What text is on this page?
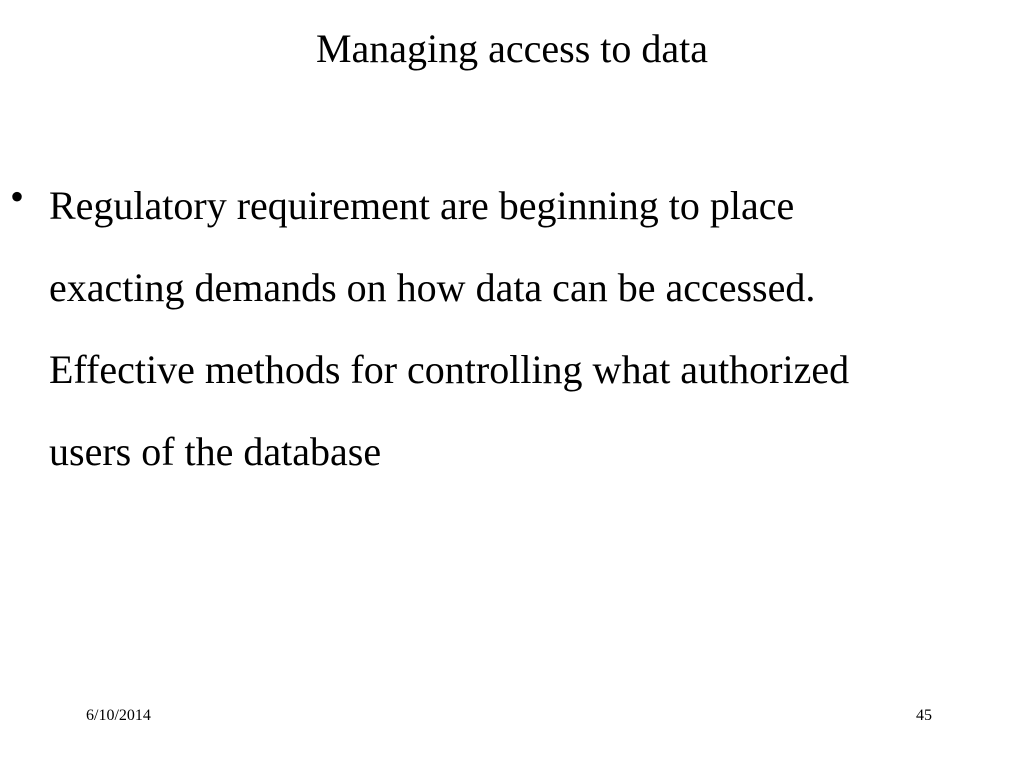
Managing access to data
• Regulatory requirement are beginning to place
exacting demands on how data can be accessed.
Effective methods for controlling what authorized
users of the database
6/10/2014	45
